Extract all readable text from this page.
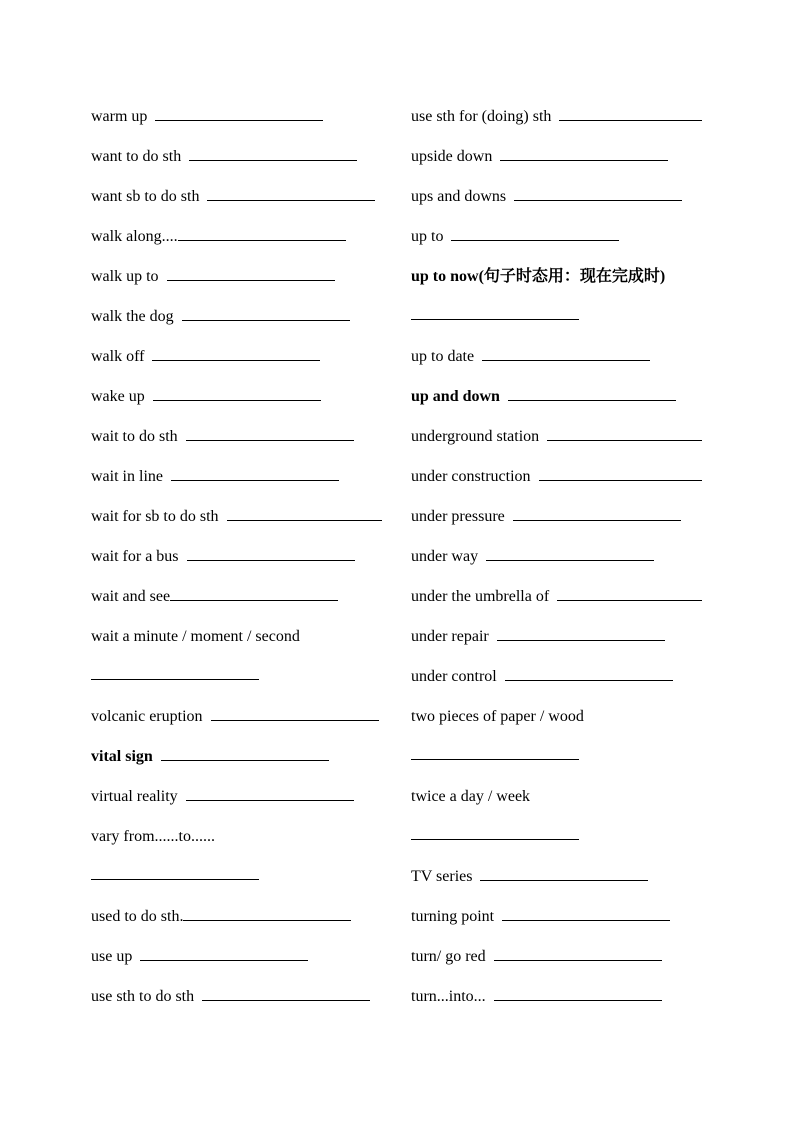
warm up
want to do sth
want sb to do sth
walk along....
walk up to
walk the dog
walk off
wake up
wait to do sth
wait in line
wait for sb to do sth
wait for a bus
wait and see
wait a minute / moment / second
volcanic eruption
vital sign
virtual reality
vary from......to......
used to do sth.
use up
use sth to do sth
use sth for (doing) sth
upside down
ups and downs
up to
up to now(句子时态用：现在完成时)
up to date
up and down
underground station
under construction
under pressure
under way
under the umbrella of
under repair
under control
two pieces of paper / wood
twice a day / week
TV series
turning point
turn/ go red
turn...into...
